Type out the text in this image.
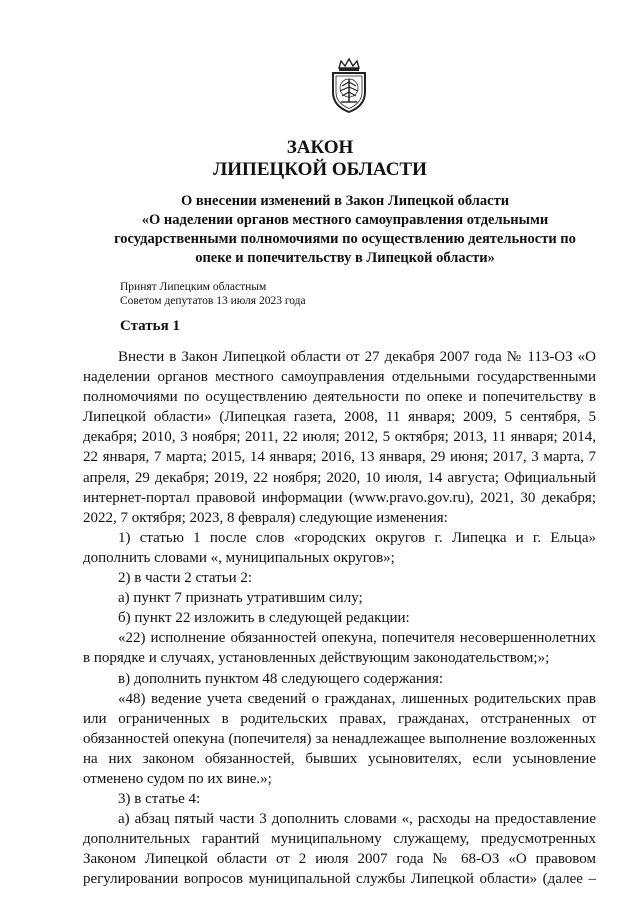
ЗАКОН
ЛИПЕЦКОЙ ОБЛАСТИ
О внесении изменений в Закон Липецкой области
«О наделении органов местного самоуправления отдельными
государственными полномочиями по осуществлению деятельности по
опеке и попечительству в Липецкой области»
Принят Липецким областным
Советом депутатов 13 июля 2023 года
Статья 1

Внести в Закон Липецкой области от 27 декабря 2007 года № 113-ОЗ «О наделении органов местного самоуправления отдельными государственными полномочиями по осуществлению деятельности по опеке и попечительству в Липецкой области» (Липецкая газета, 2008, 11 января; 2009, 5 сентября, 5 декабря; 2010, 3 ноября; 2011, 22 июля; 2012, 5 октября; 2013, 11 января; 2014, 22 января, 7 марта; 2015, 14 января; 2016, 13 января, 29 июня; 2017, 3 марта, 7 апреля, 29 декабря; 2019, 22 ноября; 2020, 10 июля, 14 августа; Официальный интернет-портал правовой информации (www.pravo.gov.ru), 2021, 30 декабря; 2022, 7 октября; 2023, 8 февраля) следующие изменения:

1) статью 1 после слов «городских округов г. Липецка и г. Ельца» дополнить словами «, муниципальных округов»;

2) в части 2 статьи 2:

а) пункт 7 признать утратившим силу;

б) пункт 22 изложить в следующей редакции:

«22) исполнение обязанностей опекуна, попечителя несовершеннолетних в порядке и случаях, установленных действующим законодательством;»;

в) дополнить пунктом 48 следующего содержания:

«48) ведение учета сведений о гражданах, лишенных родительских прав или ограниченных в родительских правах, гражданах, отстраненных от обязанностей опекуна (попечителя) за ненадлежащее выполнение возложенных на них законом обязанностей, бывших усыновителях, если усыновление отменено судом по их вине.»;

3) в статье 4:

а) абзац пятый части 3 дополнить словами «, расходы на предоставление дополнительных гарантий муниципальному служащему, предусмотренных Законом Липецкой области от 2 июля 2007 года № 68-ОЗ «О правовом регулировании вопросов муниципальной службы Липецкой области» (далее –
